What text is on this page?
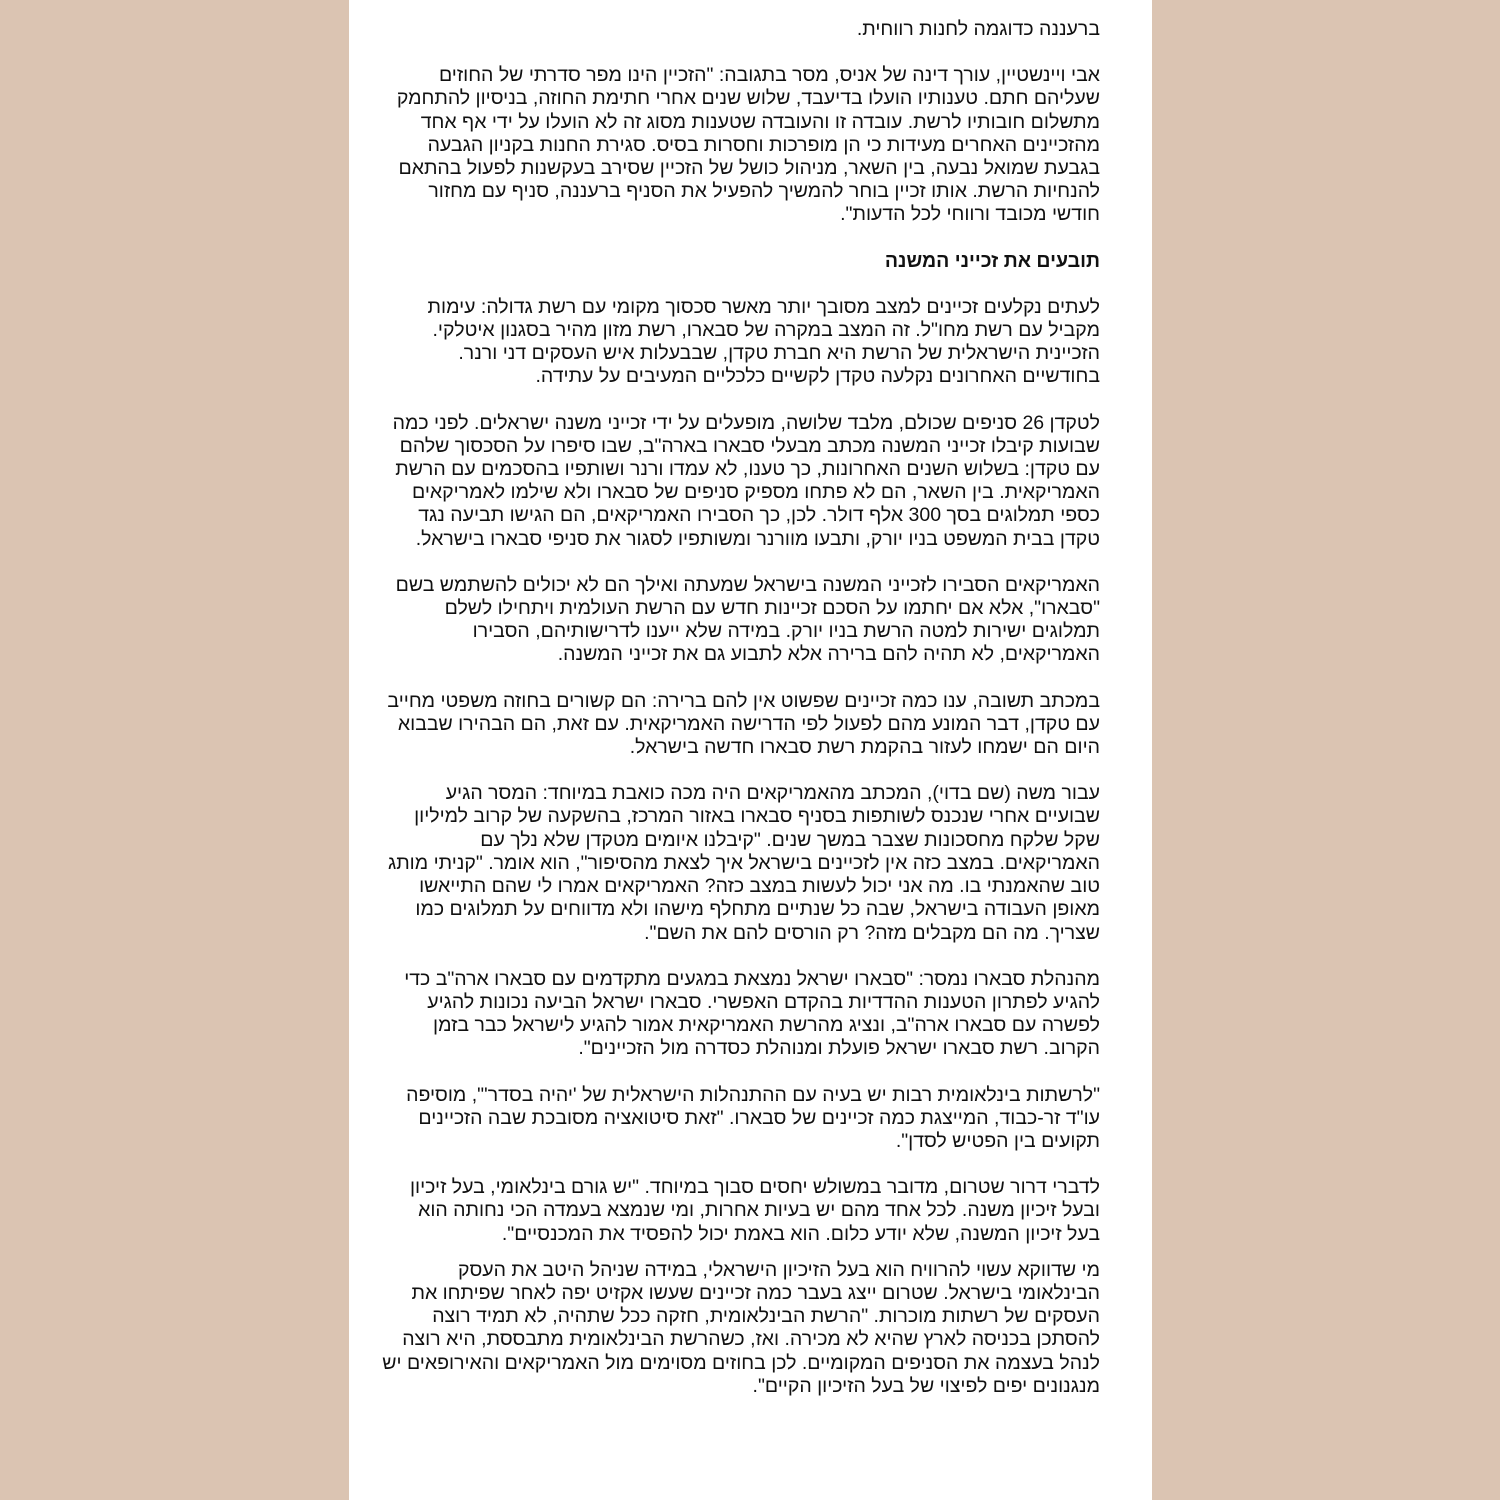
ברעננה כדוגמה לחנות רווחית.
אבי ויינשטיין, עורך דינה של אניס, מסר בתגובה: "הזכיין הינו מפר סדרתי של החוזים
שעליהם חתם. טענותיו הועלו בדיעבד, שלוש שנים אחרי חתימת החוזה, בניסיון להתחמק
מתשלום חובותיו לרשת. עובדה זו והעובדה שטענות מסוג זה לא הועלו על ידי אף אחד
מהזכיינים האחרים מעידות כי הן מופרכות וחסרות בסיס. סגירת החנות בקניון הגבעה
בגבעת שמואל נבעה, בין השאר, מניהול כושל של הזכיין שסירב בעקשנות לפעול בהתאם
להנחיות הרשת. אותו זכיין בוחר להמשיך להפעיל את הסניף ברעננה, סניף עם מחזור
חודשי מכובד ורווחי לכל הדעות".
תובעים את זכייני המשנה
לעתים נקלעים זכיינים למצב מסובך יותר מאשר סכסוך מקומי עם רשת גדולה: עימות
מקביל עם רשת מחו"ל. זה המצב במקרה של סבארו, רשת מזון מהיר בסגנון איטלקי.
הזכיינית הישראלית של הרשת היא חברת טקדן, שבבעלות איש העסקים דני ורנר.
בחודשיים האחרונים נקלעה טקדן לקשיים כלכליים המעיבים על עתידה.
לטקדן 26 סניפים שכולם, מלבד שלושה, מופעלים על ידי זכייני משנה ישראלים. לפני כמה
שבועות קיבלו זכייני המשנה מכתב מבעלי סבארו בארה"ב, שבו סיפרו על הסכסוך שלהם
עם טקדן: בשלוש השנים האחרונות, כך טענו, לא עמדו ורנר ושותפיו בהסכמים עם הרשת
האמריקאית. בין השאר, הם לא פתחו מספיק סניפים של סבארו ולא שילמו לאמריקאים
כספי תמלוגים בסך 300 אלף דולר. לכן, כך הסבירו האמריקאים, הם הגישו תביעה נגד
טקדן בבית המשפט בניו יורק, ותבעו מוורנר ומשותפיו לסגור את סניפי סבארו בישראל.
האמריקאים הסבירו לזכייני המשנה בישראל שמעתה ואילך הם לא יכולים להשתמש בשם
"סבארו", אלא אם יחתמו על הסכם זכיינות חדש עם הרשת העולמית ויתחילו לשלם
תמלוגים ישירות למטה הרשת בניו יורק. במידה שלא ייענו לדרישותיהם, הסבירו
האמריקאים, לא תהיה להם ברירה אלא לתבוע גם את זכייני המשנה.
במכתב תשובה, ענו כמה זכיינים שפשוט אין להם ברירה: הם קשורים בחוזה משפטי מחייב
עם טקדן, דבר המונע מהם לפעול לפי הדרישה האמריקאית. עם זאת, הם הבהירו שבבוא
היום הם ישמחו לעזור בהקמת רשת סבארו חדשה בישראל.
עבור משה (שם בדוי), המכתב מהאמריקאים היה מכה כואבת במיוחד: המסר הגיע
שבועיים אחרי שנכנס לשותפות בסניף סבארו באזור המרכז, בהשקעה של קרוב למיליון
שקל שלקח מחסכונות שצבר במשך שנים. "קיבלנו איומים מטקדן שלא נלך עם
האמריקאים. במצב כזה אין לזכיינים בישראל איך לצאת מהסיפור", הוא אומר. "קניתי מותג
טוב שהאמנתי בו. מה אני יכול לעשות במצב כזה? האמריקאים אמרו לי שהם התייאשו
מאופן העבודה בישראל, שבה כל שנתיים מתחלף מישהו ולא מדווחים על תמלוגים כמו
שצריך. מה הם מקבלים מזה? רק הורסים להם את השם".
מהנהלת סבארו נמסר: "סבארו ישראל נמצאת במגעים מתקדמים עם סבארו ארה"ב כדי
להגיע לפתרון הטענות ההדדיות בהקדם האפשרי. סבארו ישראל הביעה נכונות להגיע
לפשרה עם סבארו ארה"ב, ונציג מהרשת האמריקאית אמור להגיע לישראל כבר בזמן
הקרוב. רשת סבארו ישראל פועלת ומנוהלת כסדרה מול הזכיינים".
"לרשתות בינלאומית רבות יש בעיה עם ההתנהלות הישראלית של 'יהיה בסדר'", מוסיפה
עו"ד זר-כבוד, המייצגת כמה זכיינים של סבארו. "זאת סיטואציה מסובכת שבה הזכיינים
תקועים בין הפטיש לסדן".
לדברי דרור שטרום, מדובר במשולש יחסים סבוך במיוחד. "יש גורם בינלאומי, בעל זיכיון
ובעל זיכיון משנה. לכל אחד מהם יש בעיות אחרות, ומי שנמצא בעמדה הכי נחותה הוא
בעל זיכיון המשנה, שלא יודע כלום. הוא באמת יכול להפסיד את המכנסיים".
מי שדווקא עשוי להרוויח הוא בעל הזיכיון הישראלי, במידה שניהל היטב את העסק
הבינלאומי בישראל. שטרום ייצג בעבר כמה זכיינים שעשו אקזיט יפה לאחר שפיתחו את
העסקים של רשתות מוכרות. "הרשת הבינלאומית, חזקה ככל שתהיה, לא תמיד רוצה
להסתכן בכניסה לארץ שהיא לא מכירה. ואז, כשהרשת הבינלאומית מתבססת, היא רוצה
לנהל בעצמה את הסניפים המקומיים. לכן בחוזים מסוימים מול האמריקאים והאירופאים יש
מנגנונים יפים לפיצוי של בעל הזיכיון הקיים".
